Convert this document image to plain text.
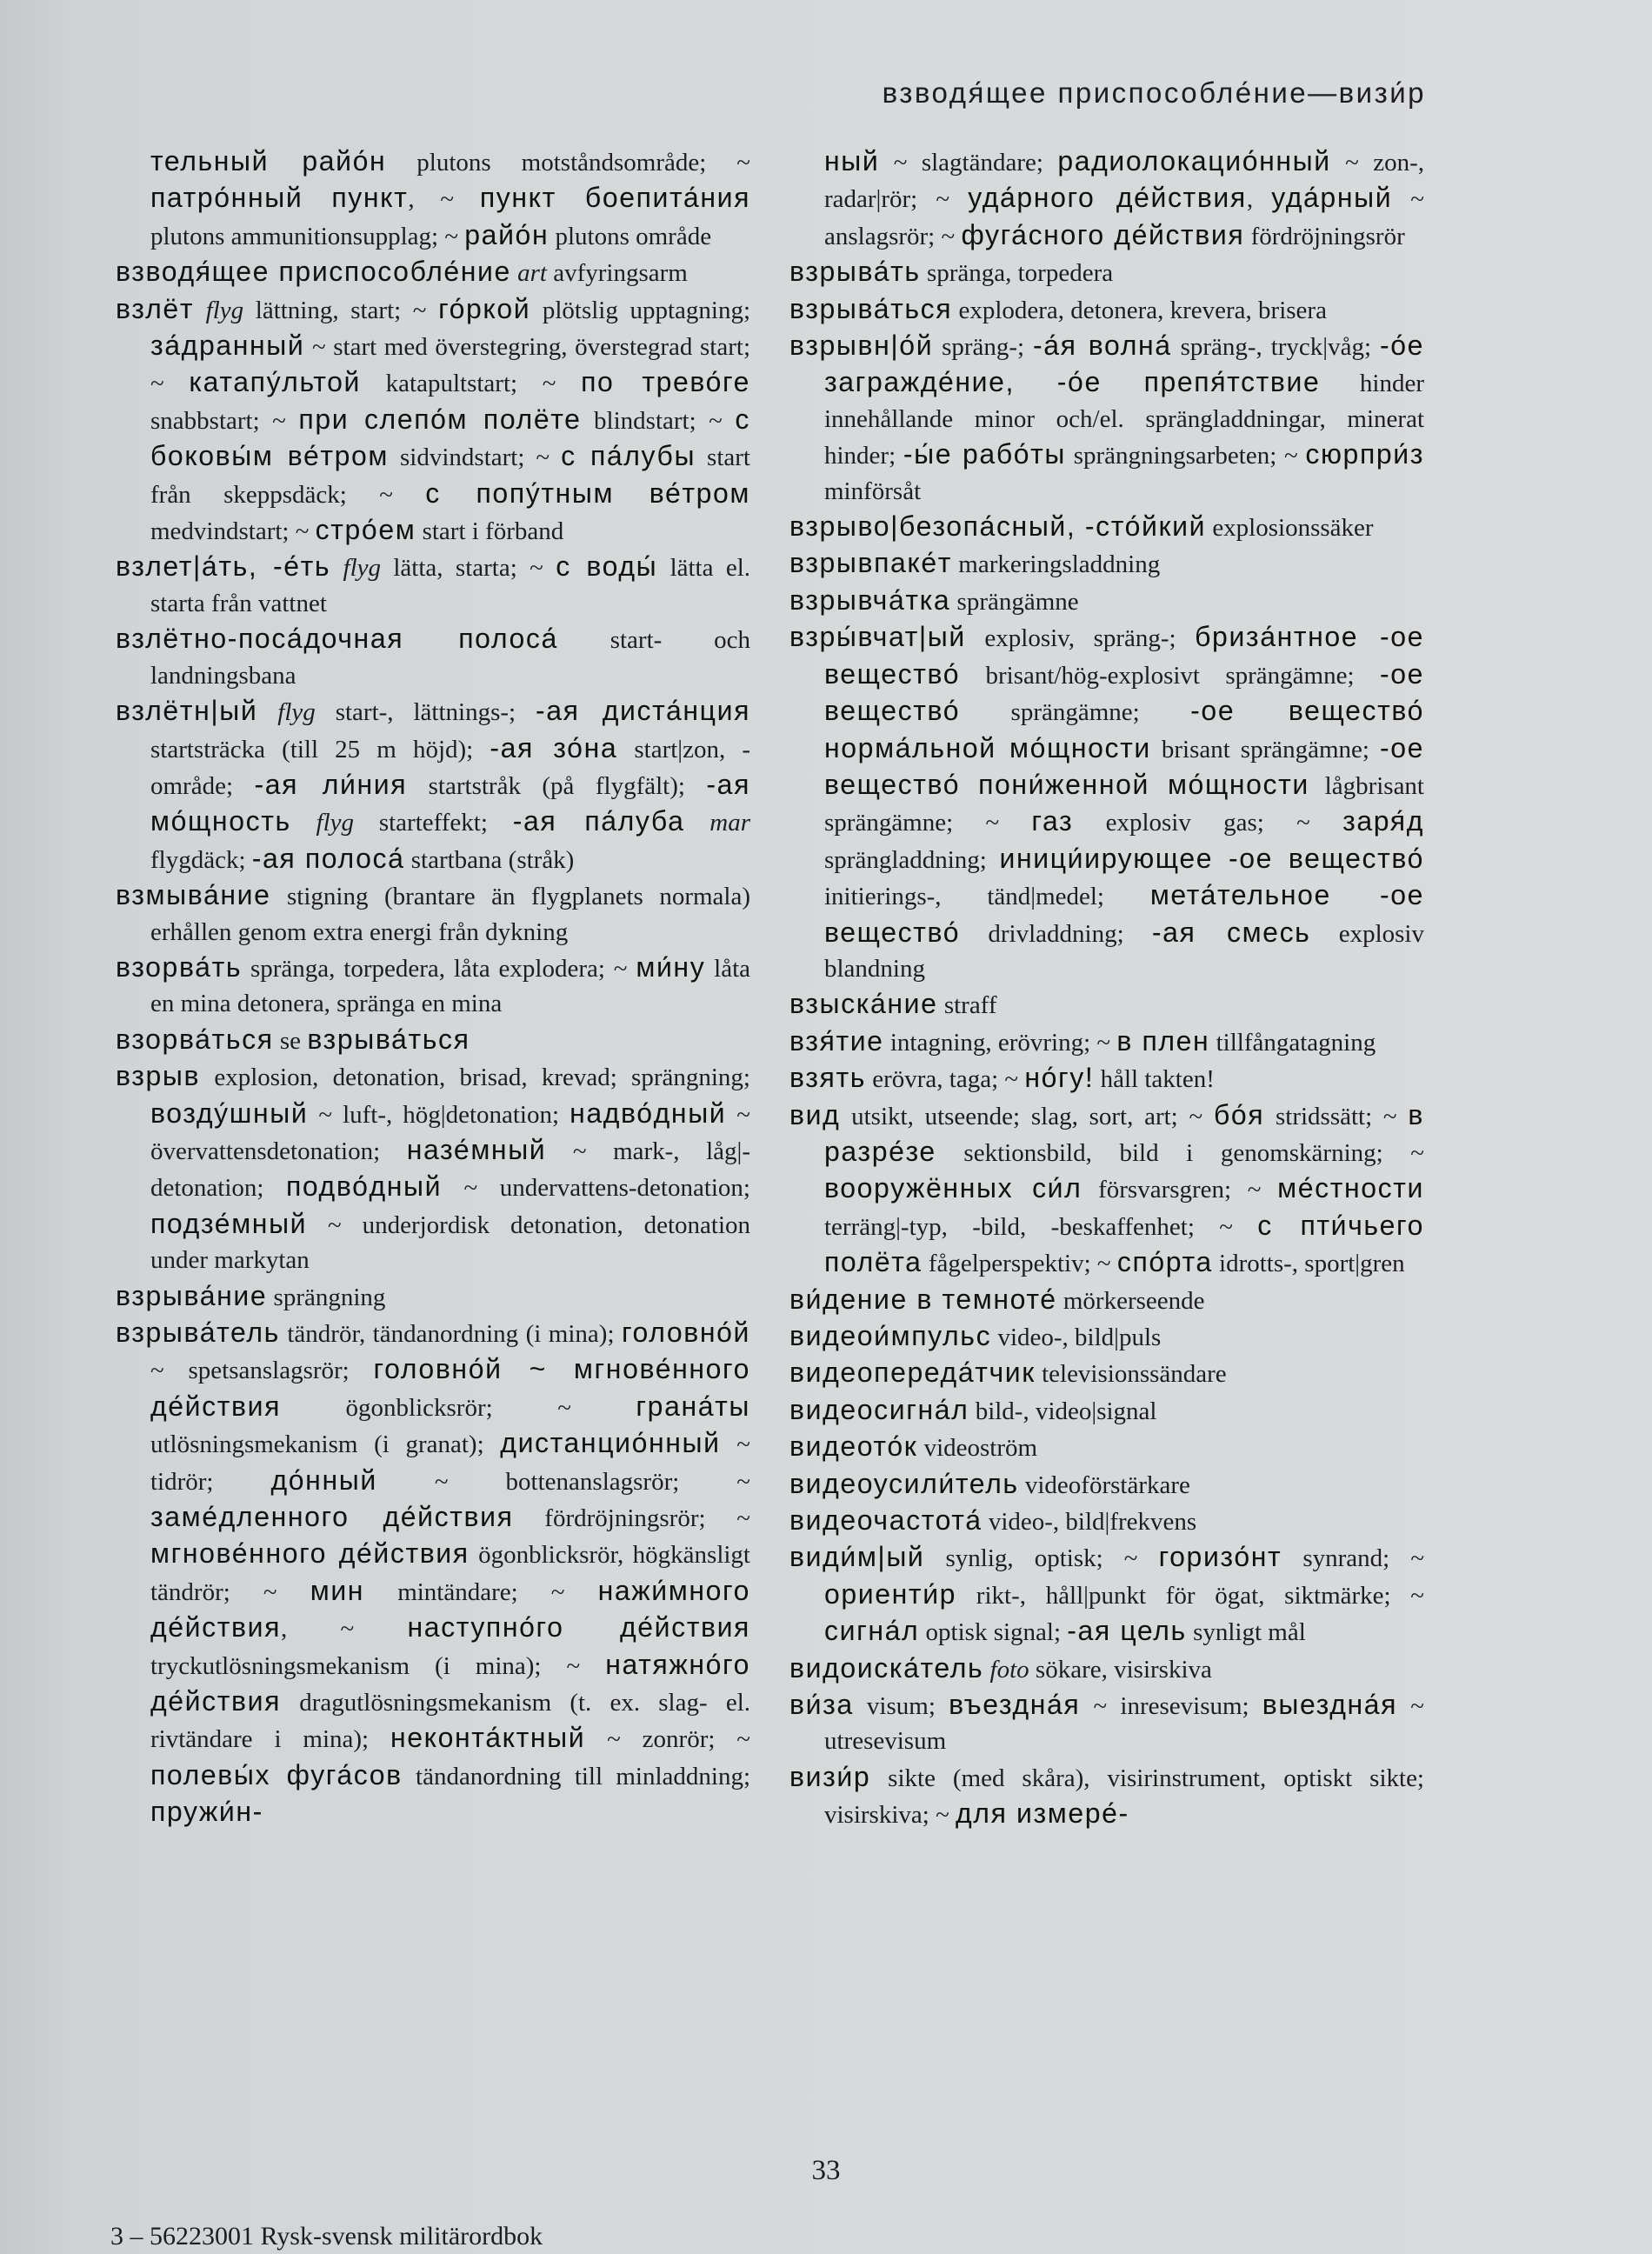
взводя́щее приспособле́ние—визи́р

тельный райо́н plutons motståndsområde; ~ патро́нный пункт, ~ пункт боепита́ния plutons ammunitionsupplag; ~ райо́н plutons område

взводя́щее приспособле́ние art avfyringsarm

взлёт flyg lättning, start; ~ го́ркой plötslig upptagning; за́дранный ~ start med överstegring, överstegrad start; ~ катапу́льтой katapultstart; ~ по трево́ге snabbstart; ~ при слепо́м полёте blindstart; ~ с боковы́м ве́тром sidvindstart; ~ с па́лубы start från skeppsdäck; ~ с попу́тным ве́тром medvindstart; ~ стро́ем start i förband

взлет|а́ть, -е́ть flyg lätta, starta; ~ с воды́ lätta el. starta från vattnet

взлётно-поса́дочная полоса́ start- och landningsbana

взлётн|ый flyg start-, lättnings-; -ая диста́нция startsträcka (till 25 m höjd); -ая зо́на start|zon, -område; -ая ли́ния startstråk (på flygfält); -ая мо́щность flyg starteffekt; -ая па́луба mar flygdäck; -ая полоса́ startbana (stråk)

взмыва́ние stigning (brantare än flygplanets normala) erhållen genom extra energi från dykning

взорва́ть spränga, torpedera, låta explodera; ~ ми́ну låta en mina detonera, spränga en mina

взорва́ться se взрыва́ться

взрыв explosion, detonation, brisad, krevad; sprängning; возду́шный ~ luft-, hög|detonation; надво́дный ~ övervattensdetonation; назе́мный ~ mark-, låg|-detonation; подво́дный ~ undervattens-detonation; подзе́мный ~ underjordisk detonation, detonation under markytan

взрыва́ние sprängning

взрыва́тель tändrör, tändanordning (i mina); головно́й ~ spetsanslagsrör; головно́й ~ мгнове́нного де́йствия ögonblicksrör; ~ грана́ты utlösningsmekanism (i granat); дистанцио́нный ~ tidrör; до́нный ~ bottenanslagsrör; ~ заме́дленного де́йствия fördröjningsrör; ~ мгнове́нного де́йствия ögonblicksrör, högkänsligt tändrör; ~ мин mintändare; ~ нажи́много де́йствия, ~ наступно́го де́йствия tryckutlösningsmekanism (i mina); ~ натяжно́го де́йствия dragutlösningsmekanism (t. ex. slag- el. rivtändare i mina); неконта́ктный ~ zonrör; ~ полевы́х фуга́сов tändanordning till minladdning; пружи́н-

ный ~ slagtändare; радиолокацио́нный ~ zon-, radar|rör; ~ уда́рного де́йствия, уда́рный ~ anslagsrör; ~ фуга́сного де́йствия fördröjningsrör

взрыва́ть spränga, torpedera

взрыва́ться explodera, detonera, krevera, brisera

взрывн|о́й spräng-; -а́я волна́ spräng-, tryck|våg; -о́е загражде́ние, -о́е препя́тствие hinder innehållande minor och/el. sprängladdningar, minerat hinder; -ы́е рабо́ты sprängningsarbeten; ~ сюрпри́з minförsåt

взрыво|безопа́сный, -сто́йкий explosionssäker

взрывпаке́т markeringsladdning

взрывча́тка sprängämne

взры́вчат|ый explosiv, spräng-; бриза́нтное -ое вещество́ brisant/hög-explosivt sprängämne; -ое вещество́ sprängämne; -ое вещество́ норма́льной мо́щности brisant sprängämne; -ое вещество́ пони́женной мо́щности lågbrisant sprängämne; ~ газ explosiv gas; ~ заря́д sprängladdning; иници́ирующее -ое вещество́ initierings-, tänd|medel; мета́тельное -ое вещество́ drivladdning; -ая смесь explosiv blandning

взыска́ние straff

взя́тие intagning, erövring; ~ в плен tillfångatagning

взять erövra, taga; ~ но́гу! håll takten!

вид utsikt, utseende; slag, sort, art; ~ бо́я stridssätt; ~ в разре́зе sektionsbild, bild i genomskärning; ~ вооружённых си́л försvarsgren; ~ ме́стности terräng|-typ, -bild, -beskaffenhet; ~ с пти́чьего полёта fågelperspektiv; ~ спо́рта idrotts-, sport|gren

ви́дение в темноте́ mörkerseende

видеои́мпульс video-, bild|puls

видеопереда́тчик televisionssändare

видеосигна́л bild-, video|signal

видеото́к videoström

видеоусили́тель videoförstärkare

видеочастота́ video-, bild|frekvens

види́м|ый synlig, optisk; ~ горизо́нт synrand; ~ ориенти́р rikt-, håll|punkt för ögat, siktmärke; ~ сигна́л optisk signal; -ая цель synligt mål

видоиска́тель foto sökare, visirskiva

ви́за visum; въездна́я ~ inresevisum; выездна́я ~ utresevisum

визи́р sikte (med skåra), visirinstrument, optiskt sikte; visirskiva; ~ для измере́-

33
3 – 56223001 Rysk-svensk militärordbok
